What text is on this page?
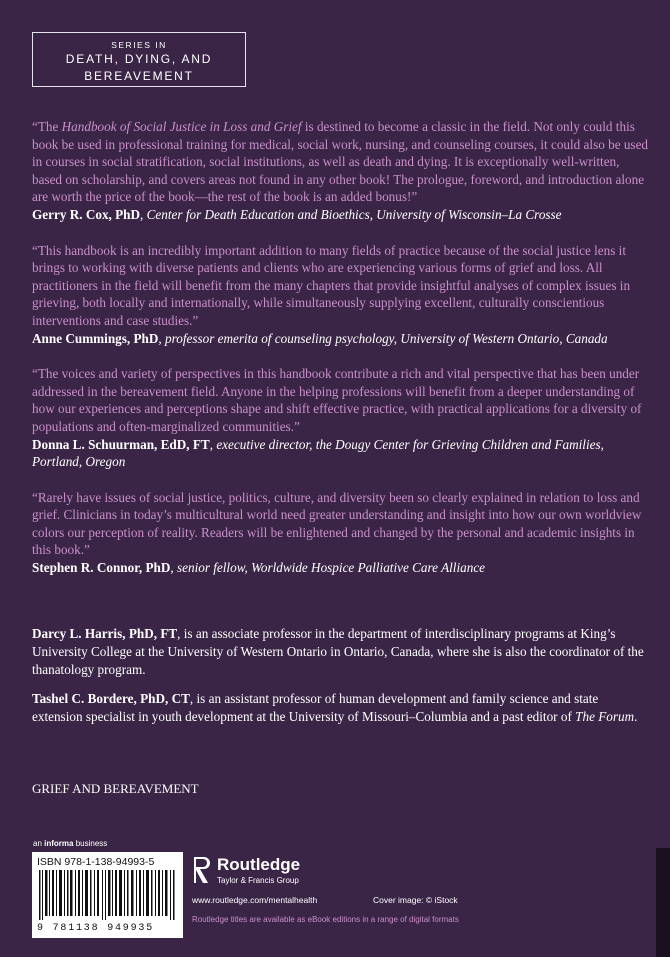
SERIES IN
DEATH, DYING, AND
BEREAVEMENT

“The Handbook of Social Justice in Loss and Grief is destined to become a classic in the field. Not only could this book be used in professional training for medical, social work, nursing, and counseling courses, it could also be used in courses in social stratification, social institutions, as well as death and dying. It is exceptionally well-written, based on scholarship, and covers areas not found in any other book! The prologue, foreword, and introduction alone are worth the price of the book—the rest of the book is an added bonus!”

Gerry R. Cox, PhD, Center for Death Education and Bioethics, University of Wisconsin–La Crosse

“This handbook is an incredibly important addition to many fields of practice because of the social justice lens it brings to working with diverse patients and clients who are experiencing various forms of grief and loss. All practitioners in the field will benefit from the many chapters that provide insightful analyses of complex issues in grieving, both locally and internationally, while simultaneously supplying excellent, culturally conscientious interventions and case studies.”

Anne Cummings, PhD, professor emerita of counseling psychology, University of Western Ontario, Canada

“The voices and variety of perspectives in this handbook contribute a rich and vital perspective that has been under addressed in the bereavement field. Anyone in the helping professions will benefit from a deeper understanding of how our experiences and perceptions shape and shift effective practice, with practical applications for a diversity of populations and often-marginalized communities.”

Donna L. Schuurman, EdD, FT, executive director, the Dougy Center for Grieving Children and Families, Portland, Oregon

“Rarely have issues of social justice, politics, culture, and diversity been so clearly explained in relation to loss and grief. Clinicians in today’s multicultural world need greater understanding and insight into how our own worldview colors our perception of reality. Readers will be enlightened and changed by the personal and academic insights in this book.”

Stephen R. Connor, PhD, senior fellow, Worldwide Hospice Palliative Care Alliance

Darcy L. Harris, PhD, FT, is an associate professor in the department of interdisciplinary programs at King’s University College at the University of Western Ontario in Ontario, Canada, where she is also the coordinator of the thanatology program.

Tashel C. Bordere, PhD, CT, is an assistant professor of human development and family science and state extension specialist in youth development at the University of Missouri–Columbia and a past editor of The Forum.

GRIEF AND BEREAVEMENT
an informa business
ISBN 978-1-138-94993-5
9 781138 949935
Routledge
Taylor & Francis Group
www.routledge.com/mentalhealth	Cover image: © iStock
Routledge titles are available as eBook editions in a range of digital formats
